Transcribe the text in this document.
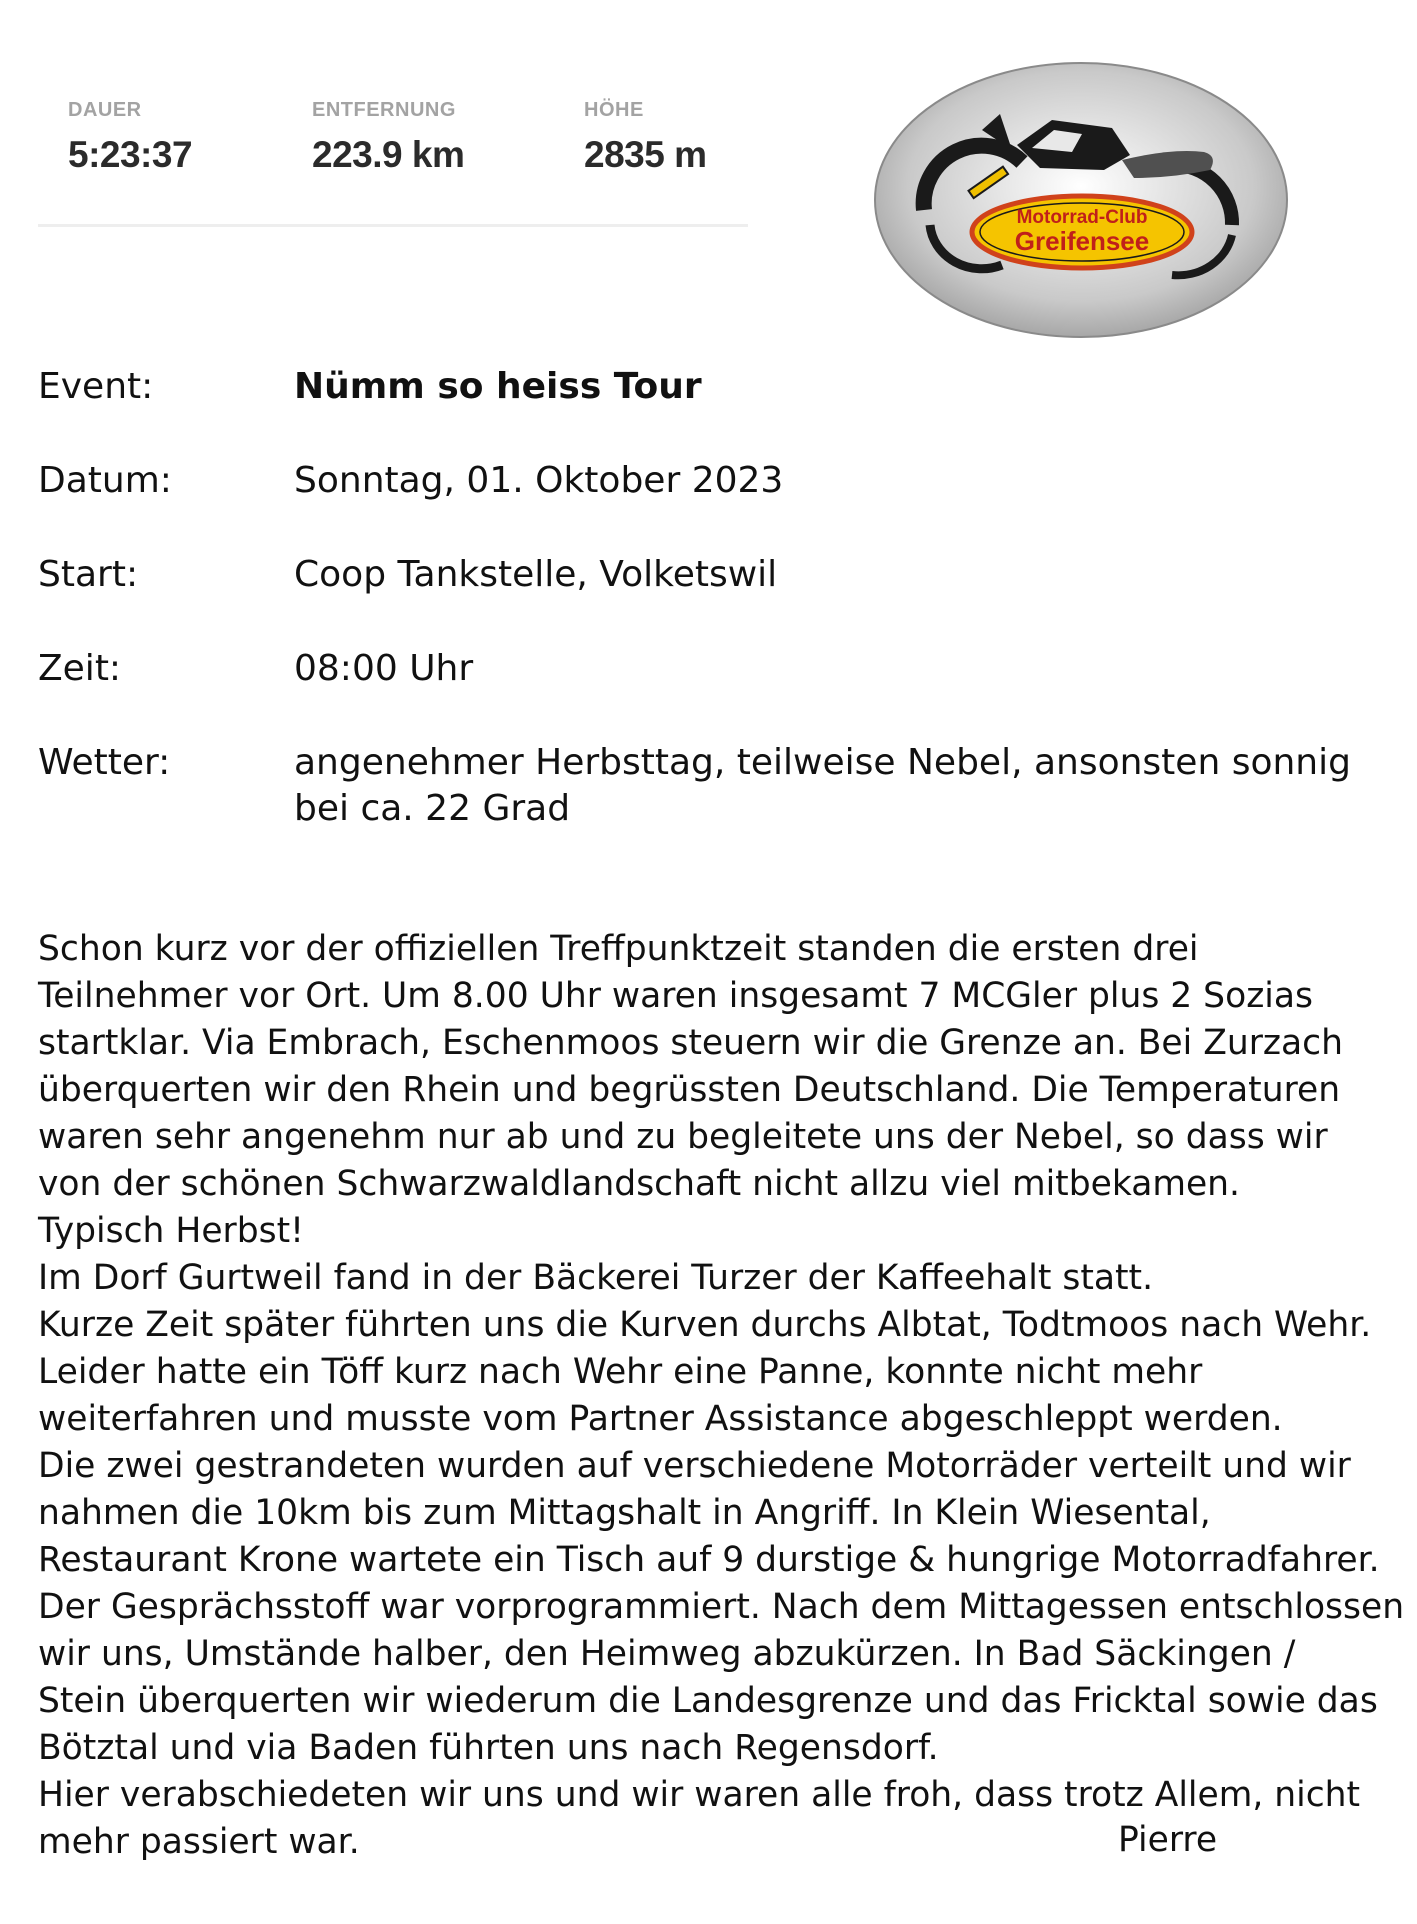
DAUER
5:23:37
ENTFERNUNG
223.9 km
HÖHE
2835 m
Motorrad-Club
Greifensee
Event:	Nümm so heiss Tour
Datum:	Sonntag, 01. Oktober 2023
Start:	Coop Tankstelle, Volketswil
Zeit:	08:00 Uhr
Wetter:	angenehmer Herbsttag, teilweise Nebel, ansonsten sonnig
bei ca. 22 Grad
Schon kurz vor der offiziellen Treffpunktzeit standen die ersten drei
Teilnehmer vor Ort. Um 8.00 Uhr waren insgesamt 7 MCGler plus 2 Sozias
startklar. Via Embrach, Eschenmoos steuern wir die Grenze an. Bei Zurzach
überquerten wir den Rhein und begrüssten Deutschland. Die Temperaturen
waren sehr angenehm nur ab und zu begleitete uns der Nebel, so dass wir
von der schönen Schwarzwaldlandschaft nicht allzu viel mitbekamen.
Typisch Herbst!
Im Dorf Gurtweil fand in der Bäckerei Turzer der Kaffeehalt statt.
Kurze Zeit später führten uns die Kurven durchs Albtat, Todtmoos nach Wehr.
Leider hatte ein Töff kurz nach Wehr eine Panne, konnte nicht mehr
weiterfahren und musste vom Partner Assistance abgeschleppt werden.
Die zwei gestrandeten wurden auf verschiedene Motorräder verteilt und wir
nahmen die 10km bis zum Mittagshalt in Angriff. In Klein Wiesental,
Restaurant Krone wartete ein Tisch auf 9 durstige & hungrige Motorradfahrer.
Der Gesprächsstoff war vorprogrammiert. Nach dem Mittagessen entschlossen
wir uns, Umstände halber, den Heimweg abzukürzen. In Bad Säckingen /
Stein überquerten wir wiederum die Landesgrenze und das Fricktal sowie das
Bötztal und via Baden führten uns nach Regensdorf.
Hier verabschiedeten wir uns und wir waren alle froh, dass trotz Allem, nicht
mehr passiert war.	Pierre
